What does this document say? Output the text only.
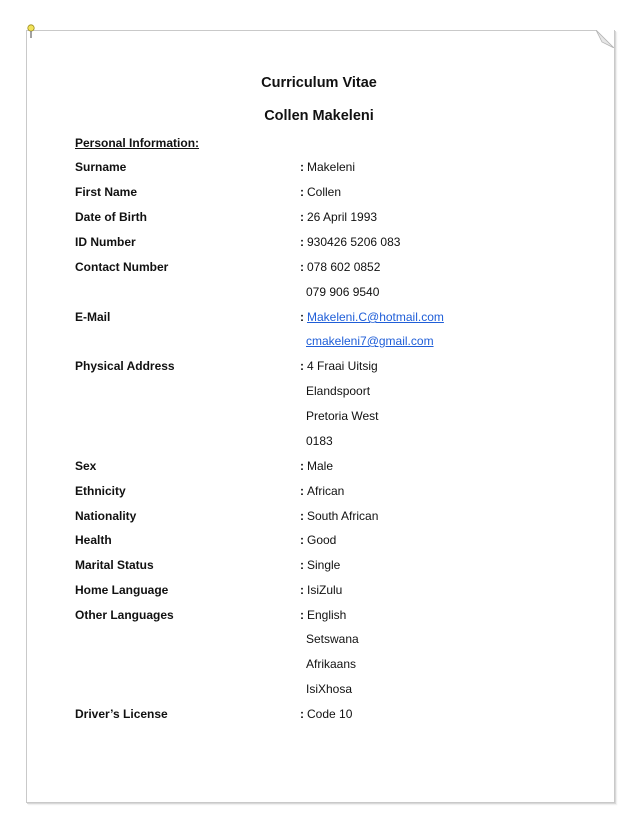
Curriculum Vitae
Collen Makeleni
Personal Information:
Surname	: Makeleni
First Name	: Collen
Date of Birth	: 26 April 1993
ID Number	: 930426 5206 083
Contact Number	: 078 602 0852
079 906 9540
E-Mail	: Makeleni.C@hotmail.com
cmakeleni7@gmail.com
Physical Address	: 4 Fraai Uitsig
Elandspoort
Pretoria West
0183
Sex	: Male
Ethnicity	: African
Nationality	: South African
Health	: Good
Marital Status	: Single
Home Language	: IsiZulu
Other Languages	: English
Setswana
Afrikaans
IsiXhosa
Driver’s License	: Code 10
